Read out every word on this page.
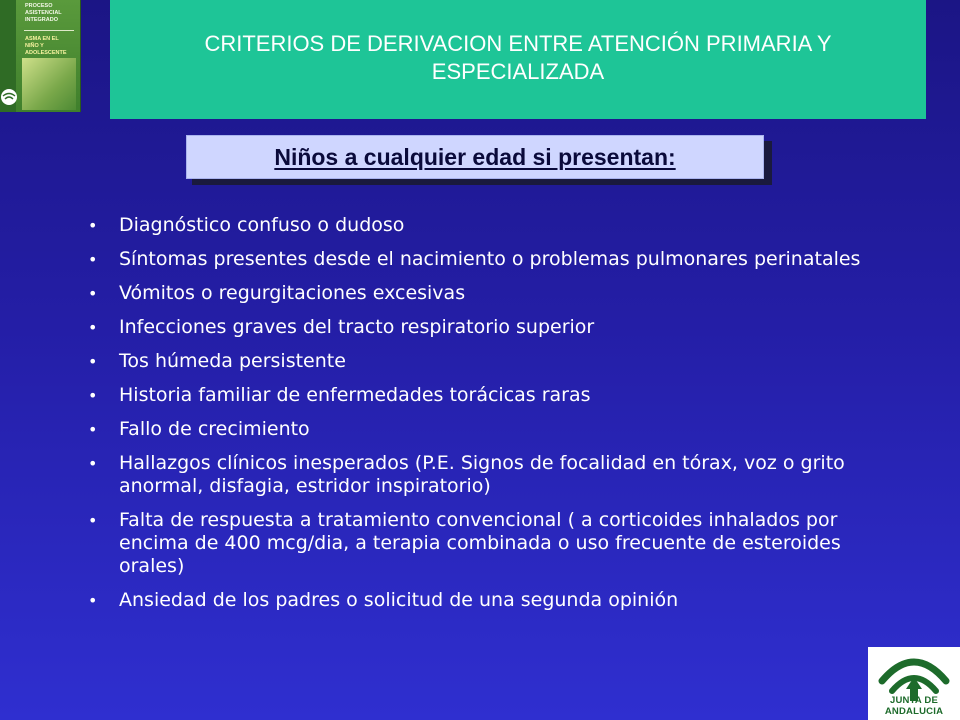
PROCESO
ASISTENCIAL
INTEGRADO
ASMA EN EL
NIÑO Y
ADOLESCENTE	CRITERIOS DE DERIVACION ENTRE ATENCIÓN PRIMARIA Y ESPECIALIZADA
Niños a cualquier edad si presentan:
• Diagnóstico confuso o dudoso
• Síntomas presentes desde el nacimiento o problemas pulmonares perinatales
• Vómitos o regurgitaciones excesivas
• Infecciones graves del tracto respiratorio superior
• Tos húmeda persistente
• Historia familiar de enfermedades torácicas raras
• Fallo de crecimiento
• Hallazgos clínicos inesperados (P.E. Signos de focalidad en tórax, voz o grito anormal, disfagia, estridor inspiratorio)
• Falta de respuesta a tratamiento convencional ( a corticoides inhalados por encima de 400 mcg/dia, a terapia combinada o uso frecuente de esteroides orales)
• Ansiedad de los padres o solicitud de una segunda opinión
JUNTA DE ANDALUCIA
